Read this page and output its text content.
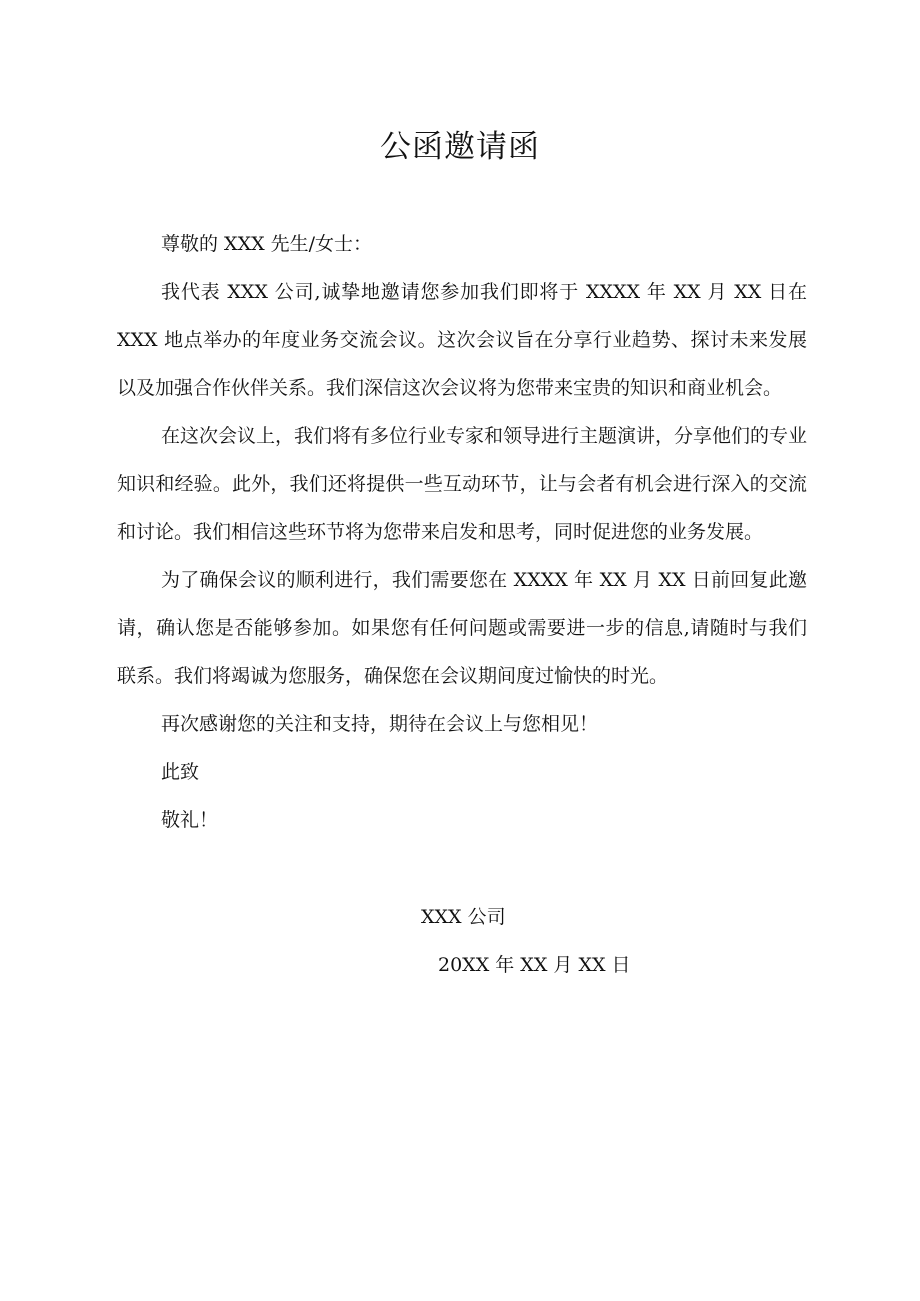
公函邀请函

尊敬的 XXX 先生/女士：

我代表 XXX 公司,诚挚地邀请您参加我们即将于 XXXX 年 XX 月 XX 日在 XXX 地点举办的年度业务交流会议。这次会议旨在分享行业趋势、探讨未来发展以及加强合作伙伴关系。我们深信这次会议将为您带来宝贵的知识和商业机会。

在这次会议上，我们将有多位行业专家和领导进行主题演讲，分享他们的专业知识和经验。此外，我们还将提供一些互动环节，让与会者有机会进行深入的交流和讨论。我们相信这些环节将为您带来启发和思考，同时促进您的业务发展。

为了确保会议的顺利进行，我们需要您在 XXXX 年 XX 月 XX 日前回复此邀请，确认您是否能够参加。如果您有任何问题或需要进一步的信息,请随时与我们联系。我们将竭诚为您服务，确保您在会议期间度过愉快的时光。

再次感谢您的关注和支持，期待在会议上与您相见！

此致

敬礼！

XXX 公司

20XX 年 XX 月 XX 日
